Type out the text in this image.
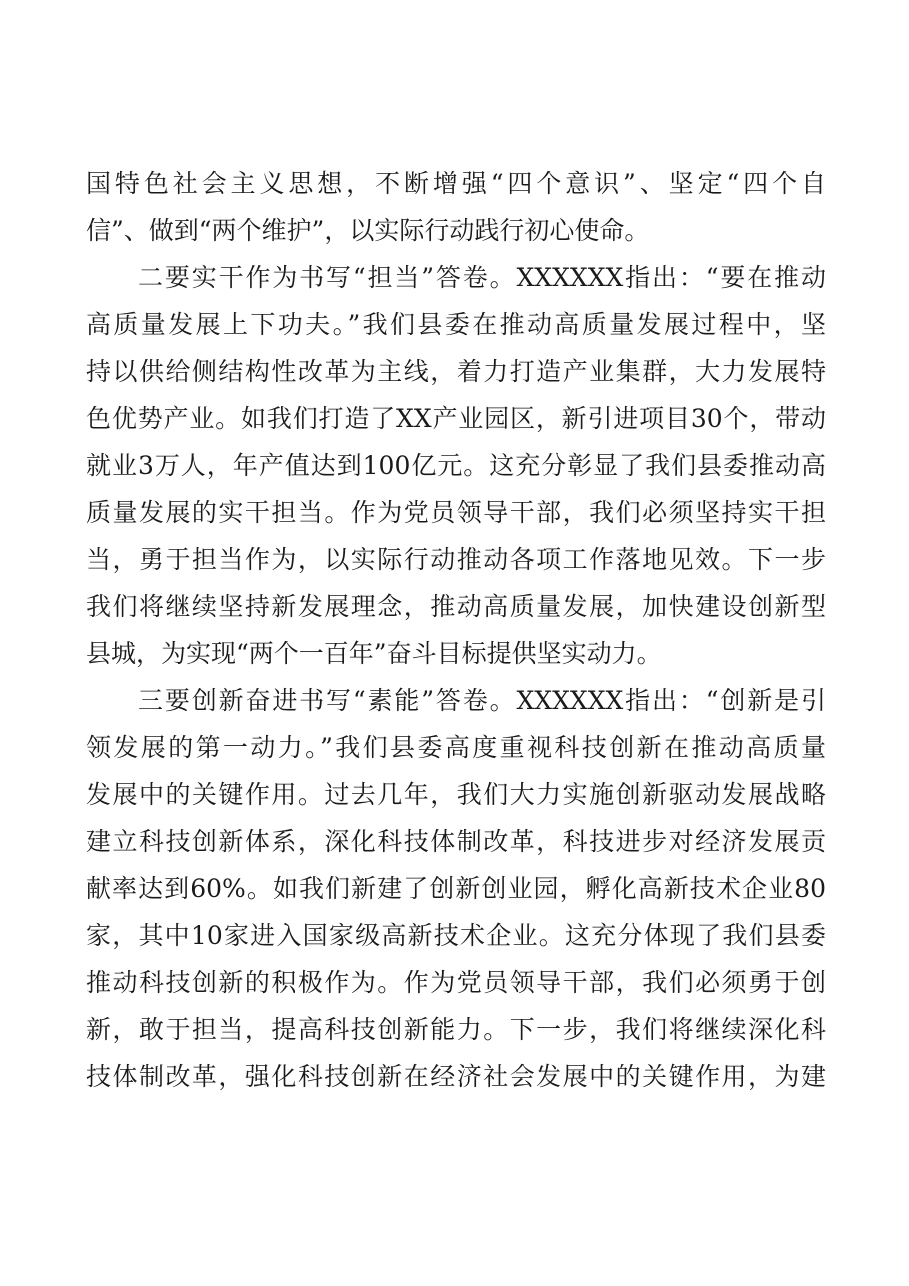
国特色社会主义思想，不断增强“四个意识”、坚定“四个自
信”、做到“两个维护”，以实际行动践行初心使命。
二要实干作为书写“担当”答卷。XXXXXX指出：“要在推动
高质量发展上下功夫。”我们县委在推动高质量发展过程中，坚
持以供给侧结构性改革为主线，着力打造产业集群，大力发展特
色优势产业。如我们打造了XX产业园区，新引进项目30个，带动
就业3万人，年产值达到100亿元。这充分彰显了我们县委推动高
质量发展的实干担当。作为党员领导干部，我们必须坚持实干担
当，勇于担当作为，以实际行动推动各项工作落地见效。下一步
我们将继续坚持新发展理念，推动高质量发展，加快建设创新型
县城，为实现“两个一百年”奋斗目标提供坚实动力。
三要创新奋进书写“素能”答卷。XXXXXX指出：“创新是引
领发展的第一动力。”我们县委高度重视科技创新在推动高质量
发展中的关键作用。过去几年，我们大力实施创新驱动发展战略
建立科技创新体系，深化科技体制改革，科技进步对经济发展贡
献率达到60%。如我们新建了创新创业园，孵化高新技术企业80
家，其中10家进入国家级高新技术企业。这充分体现了我们县委
推动科技创新的积极作为。作为党员领导干部，我们必须勇于创
新，敢于担当，提高科技创新能力。下一步，我们将继续深化科
技体制改革，强化科技创新在经济社会发展中的关键作用，为建
